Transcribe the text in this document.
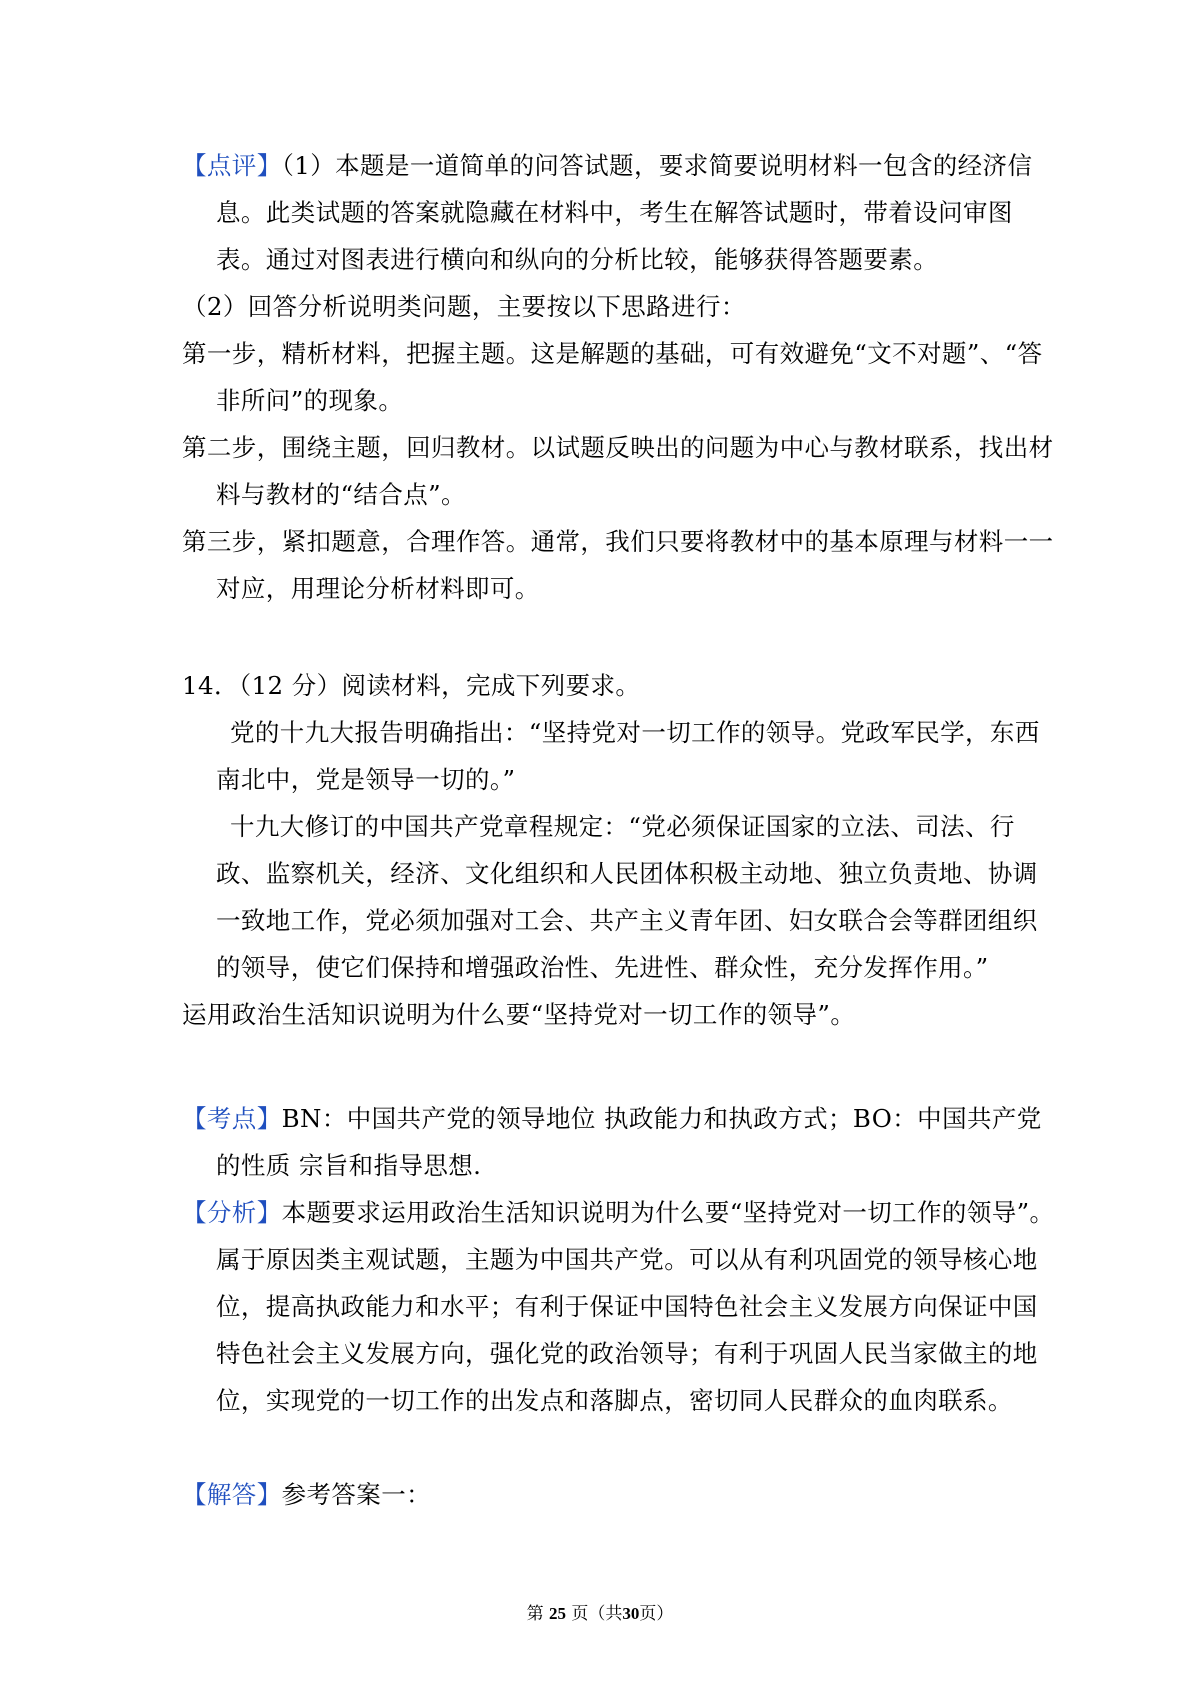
【点评】（1）本题是一道简单的问答试题，要求简要说明材料一包含的经济信息。此类试题的答案就隐藏在材料中，考生在解答试题时，带着设问审图表。通过对图表进行横向和纵向的分析比较，能够获得答题要素。
（2）回答分析说明类问题，主要按以下思路进行：
第一步，精析材料，把握主题。这是解题的基础，可有效避免“文不对题”、“答非所问”的现象。
第二步，围绕主题，回归教材。以试题反映出的问题为中心与教材联系，找出材料与教材的“结合点”。
第三步，紧扣题意，合理作答。通常，我们只要将教材中的基本原理与材料一一对应，用理论分析材料即可。
14．（12 分）阅读材料，完成下列要求。
党的十九大报告明确指出：“坚持党对一切工作的领导。党政军民学，东西南北中，党是领导一切的。”
十九大修订的中国共产党章程规定：“党必须保证国家的立法、司法、行政、监察机关，经济、文化组织和人民团体积极主动地、独立负责地、协调一致地工作，党必须加强对工会、共产主义青年团、妇女联合会等群团组织的领导，使它们保持和增强政治性、先进性、群众性，充分发挥作用。”
运用政治生活知识说明为什么要“坚持党对一切工作的领导”。
【考点】BN：中国共产党的领导地位 执政能力和执政方式；BO：中国共产党的性质 宗旨和指导思想.
【分析】本题要求运用政治生活知识说明为什么要“坚持党对一切工作的领导”。属于原因类主观试题，主题为中国共产党。可以从有利巩固党的领导核心地位，提高执政能力和水平；有利于保证中国特色社会主义发展方向保证中国特色社会主义发展方向，强化党的政治领导；有利于巩固人民当家做主的地位，实现党的一切工作的出发点和落脚点，密切同人民群众的血肉联系。
【解答】参考答案一：
第 25 页（共30页）
